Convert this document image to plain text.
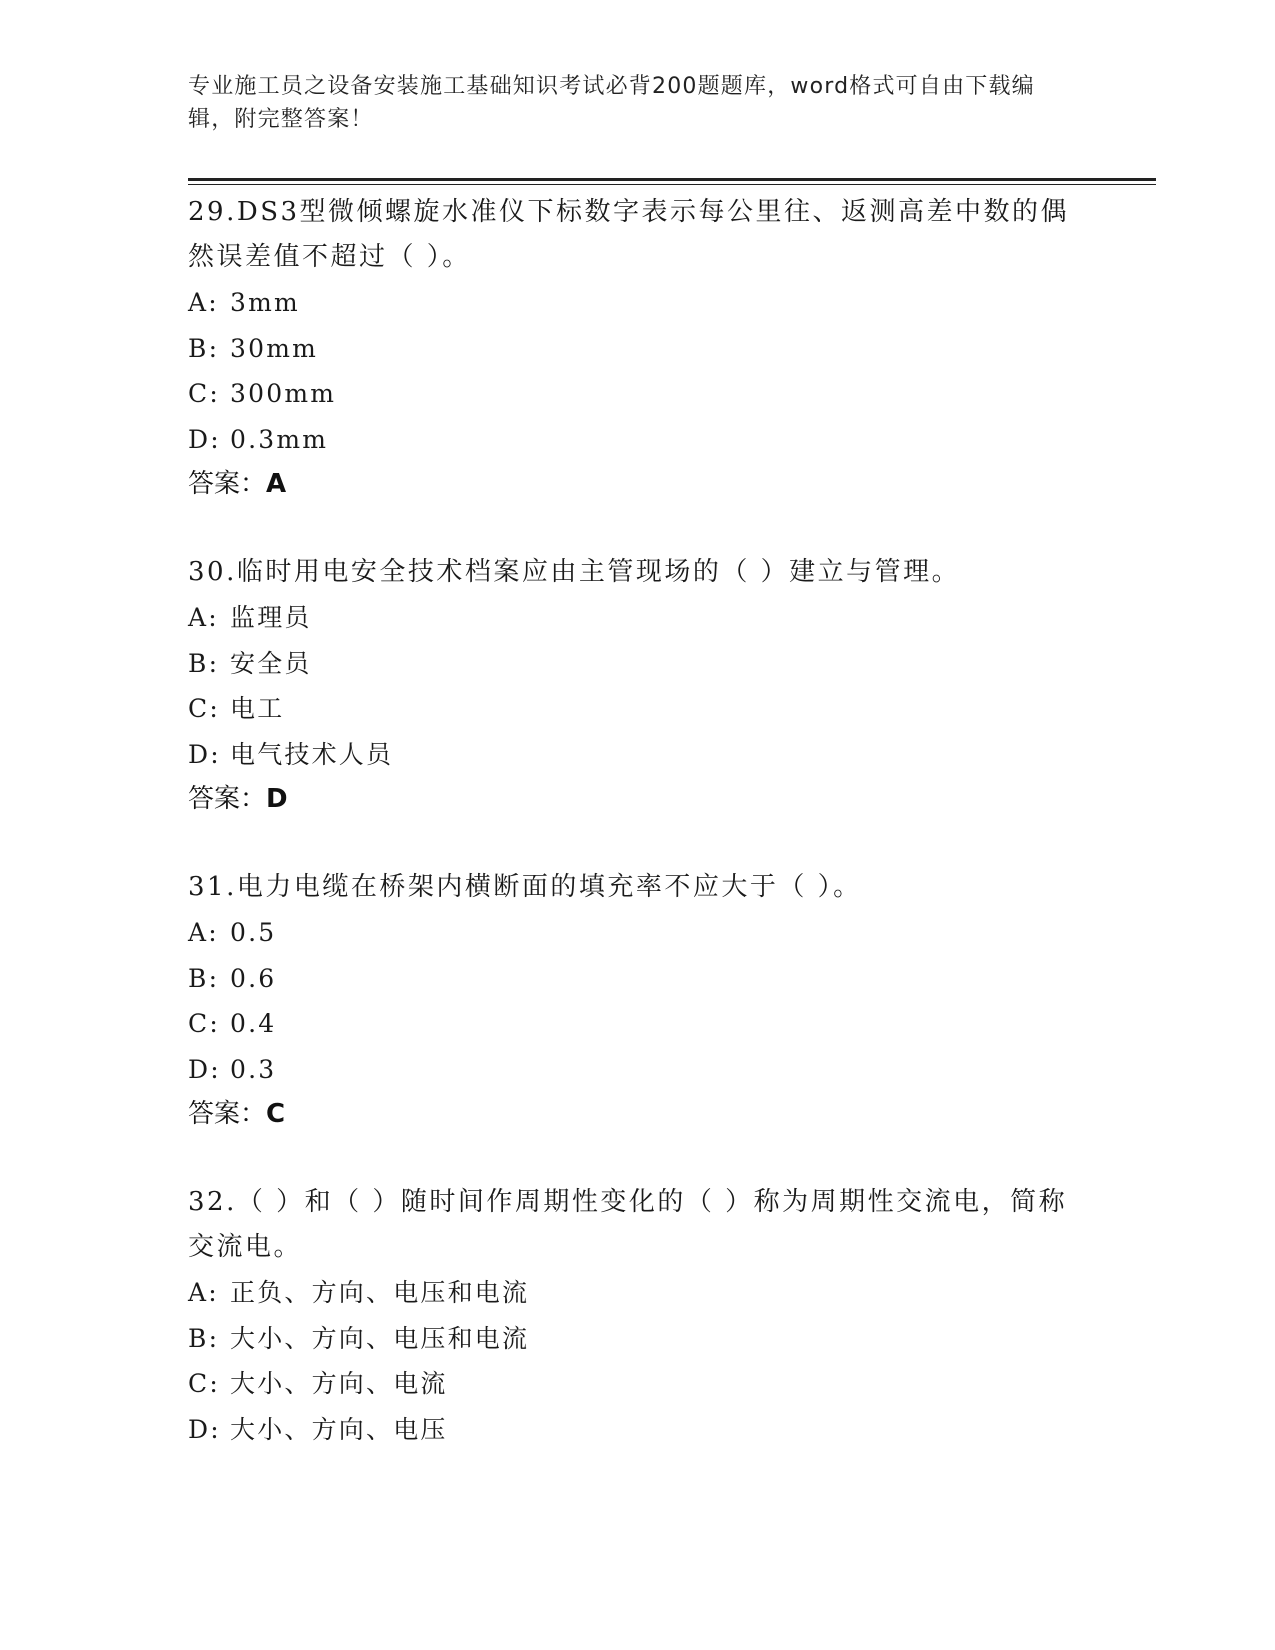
专业施工员之设备安装施工基础知识考试必背200题题库，word格式可自由下载编辑，附完整答案！
29.DS3型微倾螺旋水准仪下标数字表示每公里往、返测高差中数的偶然误差值不超过（ ）。
A: 3mm
B: 30mm
C: 300mm
D: 0.3mm
答案：A
30.临时用电安全技术档案应由主管现场的（ ）建立与管理。
A: 监理员
B: 安全员
C: 电工
D: 电气技术人员
答案：D
31.电力电缆在桥架内横断面的填充率不应大于（ ）。
A: 0.5
B: 0.6
C: 0.4
D: 0.3
答案：C
32.（ ）和（ ）随时间作周期性变化的（ ）称为周期性交流电，简称交流电。
A: 正负、方向、电压和电流
B: 大小、方向、电压和电流
C: 大小、方向、电流
D: 大小、方向、电压
